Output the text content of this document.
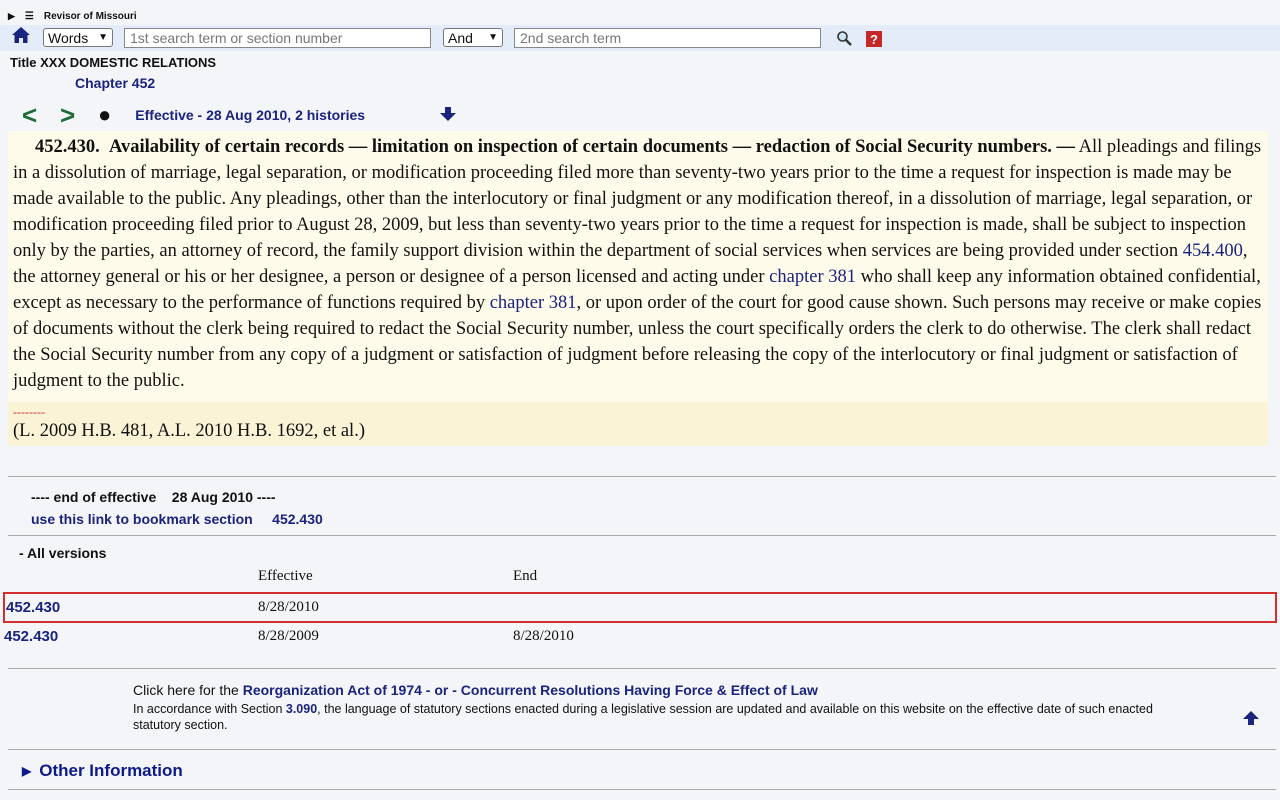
▶ ☰ Revisor of Missouri
Words ▼	1st search term or section number	And ▼	2nd search term	?
Title XXX DOMESTIC RELATIONS
Chapter 452
< >	● Effective - 28 Aug 2010, 2 histories

452.430. Availability of certain records — limitation on inspection of certain documents — redaction of Social Security numbers. — All pleadings and filings in a dissolution of marriage, legal separation, or modification proceeding filed more than seventy-two years prior to the time a request for inspection is made may be made available to the public. Any pleadings, other than the interlocutory or final judgment or any modification thereof, in a dissolution of marriage, legal separation, or modification proceeding filed prior to August 28, 2009, but less than seventy-two years prior to the time a request for inspection is made, shall be subject to inspection only by the parties, an attorney of record, the family support division within the department of social services when services are being provided under section 454.400, the attorney general or his or her designee, a person or designee of a person licensed and acting under chapter 381 who shall keep any information obtained confidential, except as necessary to the performance of functions required by chapter 381, or upon order of the court for good cause shown. Such persons may receive or make copies of documents without the clerk being required to redact the Social Security number, unless the court specifically orders the clerk to do otherwise. The clerk shall redact the Social Security number from any copy of a judgment or satisfaction of judgment before releasing the copy of the interlocutory or final judgment or satisfaction of judgment to the public.

--------
(L. 2009 H.B. 481, A.L. 2010 H.B. 1692, et al.)
---- end of effective 28 Aug 2010 ----
use this link to bookmark section 452.430
- All versions
Effective	End
452.430	8/28/2010
452.430	8/28/2009	8/28/2010
Click here for the Reorganization Act of 1974 - or - Concurrent Resolutions Having Force & Effect of Law
In accordance with Section 3.090, the language of statutory sections enacted during a legislative session are updated and available on this website on the effective date of such enacted statutory section.
▶ Other Information
